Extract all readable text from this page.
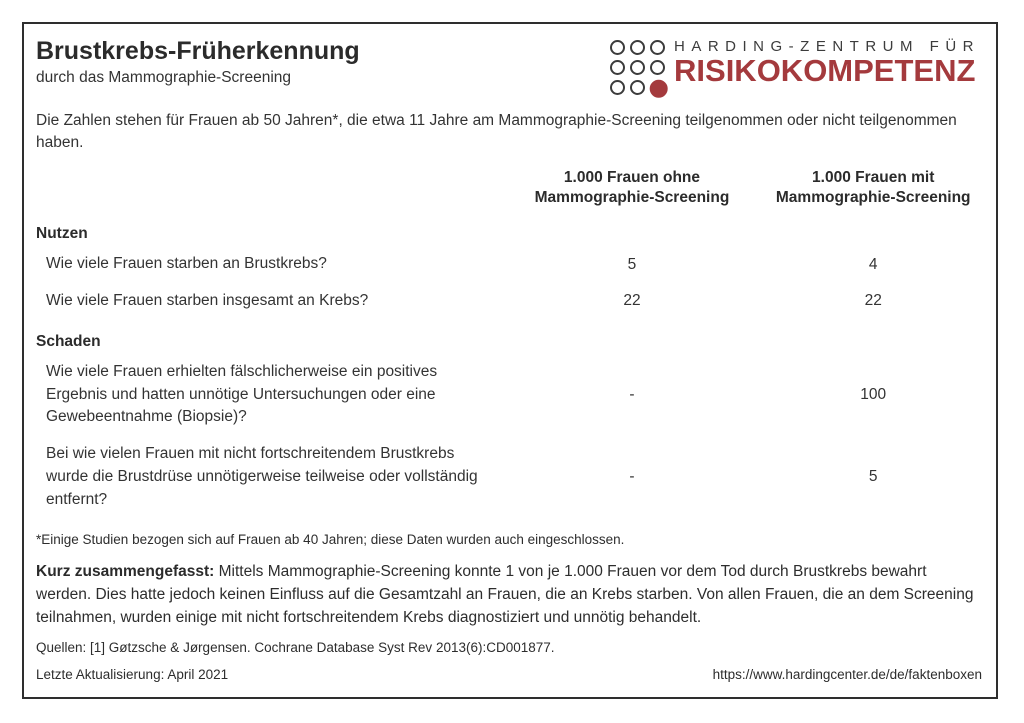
Brustkrebs-Früherkennung
durch das Mammographie-Screening
HARDING-ZENTRUM FÜR
RISIKOKOMPETENZ

Die Zahlen stehen für Frauen ab 50 Jahren*, die etwa 11 Jahre am Mammographie-Screening teilgenommen oder nicht teilgenommen haben.

	1.000 Frauen ohne Mammographie-Screening	1.000 Frauen mit Mammographie-Screening

Nutzen		
Wie viele Frauen starben an Brustkrebs?	5	4
Wie viele Frauen starben insgesamt an Krebs?	22	22
Schaden		
Wie viele Frauen erhielten fälschlicherweise ein positives Ergebnis und hatten unnötige Untersuchungen oder eine Gewebeentnahme (Biopsie)?	-	100
Bei wie vielen Frauen mit nicht fortschreitendem Brustkrebs wurde die Brustdrüse unnötigerweise teilweise oder vollständig entfernt?	-	5

*Einige Studien bezogen sich auf Frauen ab 40 Jahren; diese Daten wurden auch eingeschlossen.

Kurz zusammengefasst: Mittels Mammographie-Screening konnte 1 von je 1.000 Frauen vor dem Tod durch Brustkrebs bewahrt werden. Dies hatte jedoch keinen Einfluss auf die Gesamtzahl an Frauen, die an Krebs starben. Von allen Frauen, die an dem Screening teilnahmen, wurden einige mit nicht fortschreitendem Krebs diagnostiziert und unnötig behandelt.

Quellen: [1] Gøtzsche & Jørgensen. Cochrane Database Syst Rev 2013(6):CD001877.

Letzte Aktualisierung: April 2021	https://www.hardingcenter.de/de/faktenboxen
